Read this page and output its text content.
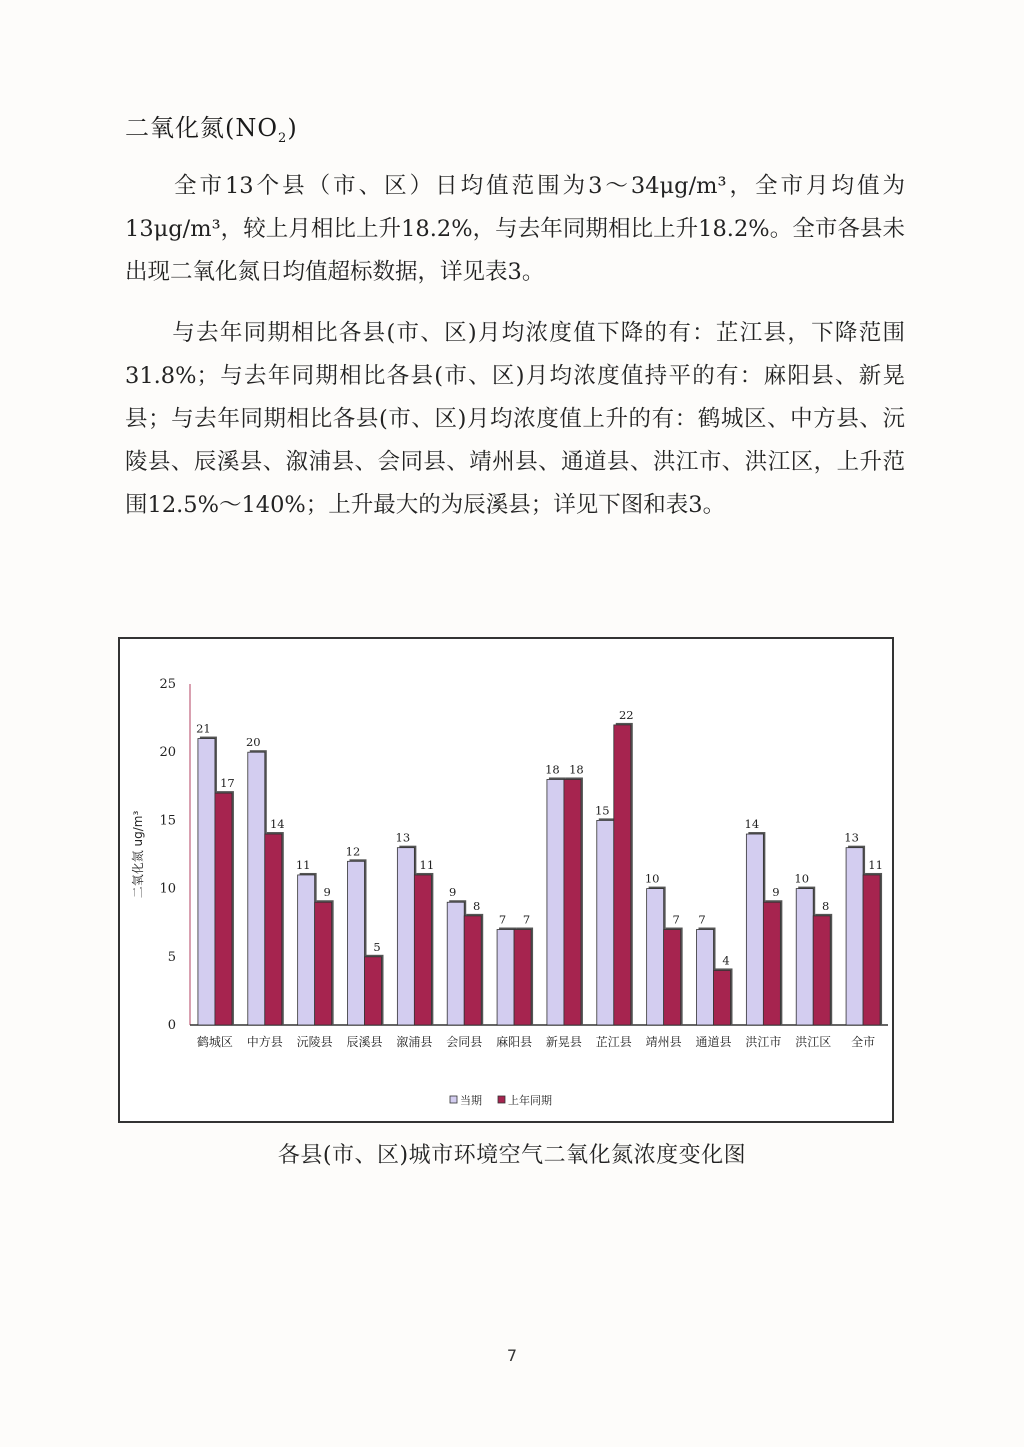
二氧化氮$(NO_2)$

全市13个县（市、区）日均值范围为3～34μg/m³，全市月均值为13μg/m³，较上月相比上升18.2%，与去年同期相比上升18.2%。全市各县未出现二氧化氮日均值超标数据，详见表3。

与去年同期相比各县(市、区)月均浓度值下降的有：芷江县，下降范围31.8%；与去年同期相比各县(市、区)月均浓度值持平的有：麻阳县、新晃县；与去年同期相比各县(市、区)月均浓度值上升的有：鹤城区、中方县、沅陵县、辰溪县、溆浦县、会同县、靖州县、通道县、洪江市、洪江区，上升范围12.5%～140%；上升最大的为辰溪县；详见下图和表3。

0
5
10
15
20
25
二氧化氮 ug/m³
21
17
鹤城区
20
14
中方县
11
9
沅陵县
12
5
辰溪县
13
11
溆浦县
9
8
会同县
7 7
麻阳县
18 18
新晃县
15
22
芷江县
10
7
靖州县
7
4
通道县
14
9
洪江市
10
8
洪江区
13
11
全市
当期 上年同期
各县(市、区)城市环境空气二氧化氮浓度变化图
7
